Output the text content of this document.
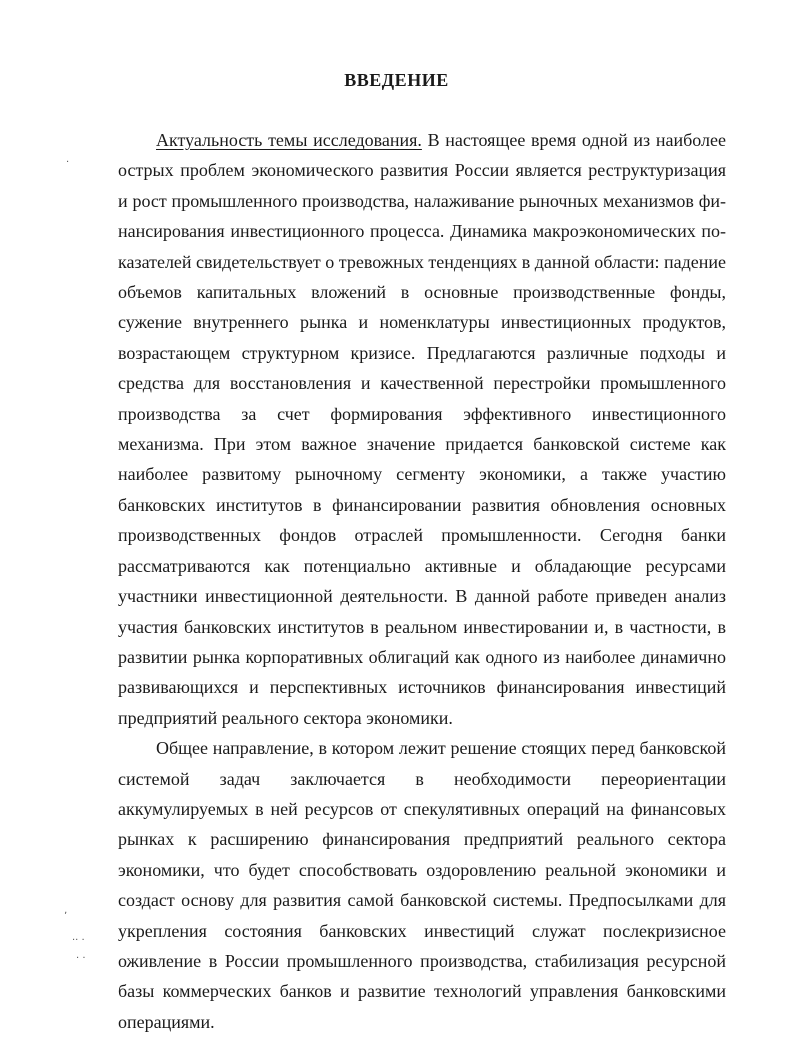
ВВЕДЕНИЕ

Актуальность темы исследования. В настоящее время одной из наиболее острых проблем экономического развития России является реструктуризация и рост промышленного производства, налаживание рыночных механизмов финансирования инвестиционного процесса. Динамика макроэкономических показателей свидетельствует о тревожных тенденциях в данной области: падение объемов капитальных вложений в основные производственные фонды, сужение внутреннего рынка и номенклатуры инвестиционных продуктов, возрастающем структурном кризисе. Предлагаются различные подходы и средства для восстановления и качественной перестройки промышленного производства за счет формирования эффективного инвестиционного механизма. При этом важное значение придается банковской системе как наиболее развитому рыночному сегменту экономики, а также участию банковских институтов в финансировании развития обновления основных производственных фондов отраслей промышленности. Сегодня банки рассматриваются как потенциально активные и обладающие ресурсами участники инвестиционной деятельности. В данной работе приведен анализ участия банковских институтов в реальном инвестировании и, в частности, в развитии рынка корпоративных облигаций как одного из наиболее динамично развивающихся и перспективных источников финансирования инвестиций предприятий реального сектора экономики.

Общее направление, в котором лежит решение стоящих перед банковской системой задач заключается в необходимости переориентации аккумулируемых в ней ресурсов от спекулятивных операций на финансовых рынках к расширению финансирования предприятий реального сектора экономики, что будет способствовать оздоровлению реальной экономики и создаст основу для развития самой банковской системы. Предпосылками для укрепления состояния банковских инвестиций служат послекризисное оживление в России промышленного производства, стабилизация ресурсной базы коммерческих банков и развитие технологий управления банковскими операциями.

·
ʼ
·· ·
· ·
